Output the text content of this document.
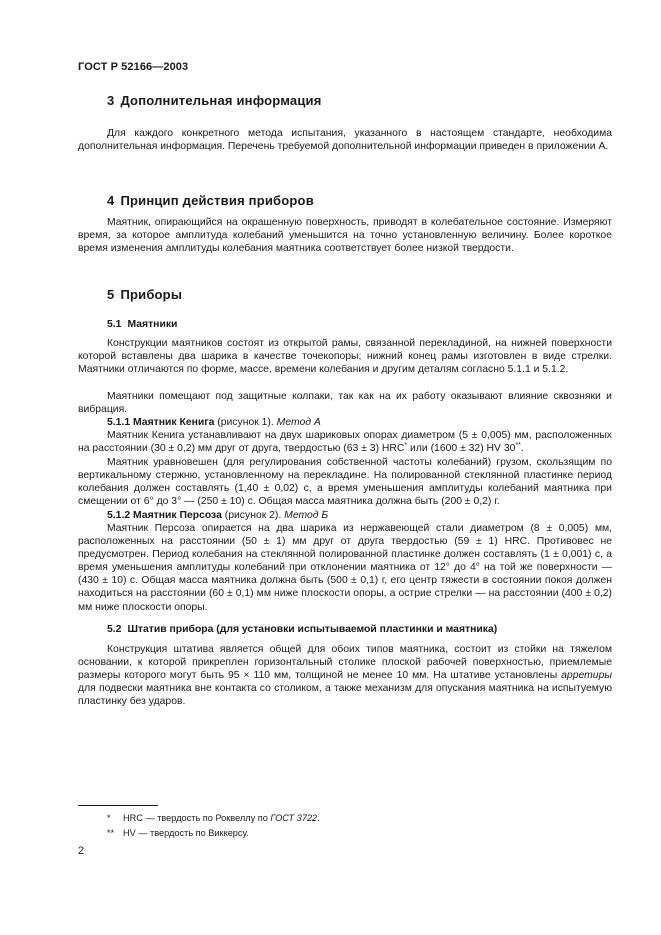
ГОСТ Р 52166—2003
3 Дополнительная информация

Для каждого конкретного метода испытания, указанного в настоящем стандарте, необходима дополнительная информация. Перечень требуемой дополнительной информации приведен в приложении А.

4 Принцип действия приборов

Маятник, опирающийся на окрашенную поверхность, приводят в колебательное состояние. Измеряют время, за которое амплитуда колебаний уменьшится на точно установленную величину. Более короткое время изменения амплитуды колебания маятника соответствует более низкой твердости.

5 Приборы
5.1 Маятники

Конструкции маятников состоят из открытой рамы, связанной перекладиной, на нижней поверхности которой вставлены два шарика в качестве точекопоры; нижний конец рамы изготовлен в виде стрелки. Маятники отличаются по форме, массе, времени колебания и другим деталям согласно 5.1.1 и 5.1.2.

Маятники помещают под защитные колпаки, так как на их работу оказывают влияние сквозняки и вибрация.

5.1.1 Маятник Кенига (рисунок 1). Метод А

Маятник Кенига устанавливают на двух шариковых опорах диаметром (5 ± 0,005) мм, расположенных на расстоянии (30 ± 0,2) мм друг от друга, твердостью (63 ± 3) HRC* или (1600 ± 32) HV 30**.

Маятник уравновешен (для регулирования собственной частоты колебаний) грузом, скользящим по вертикальному стержню, установленному на перекладине. На полированной стеклянной пластинке период колебания должен составлять (1,40 ± 0,02) с, а время уменьшения амплитуды колебаний маятника при смещении от 6° до 3° — (250 ± 10) с. Общая масса маятника должна быть (200 ± 0,2) г.

5.1.2 Маятник Персоза (рисунок 2). Метод Б

Маятник Персоза опирается на два шарика из нержавеющей стали диаметром (8 ± 0,005) мм, расположенных на расстоянии (50 ± 1) мм друг от друга твердостью (59 ± 1) HRC. Противовес не предусмотрен. Период колебания на стеклянной полированной пластинке должен составлять (1 ± 0,001) с, а время уменьшения амплитуды колебаний при отклонении маятника от 12° до 4° на той же поверхности — (430 ± 10) с. Общая масса маятника должна быть (500 ± 0,1) г, его центр тяжести в состоянии покоя должен находиться на расстоянии (60 ± 0,1) мм ниже плоскости опоры, а острие стрелки — на расстоянии (400 ± 0,2) мм ниже плоскости опоры.

5.2 Штатив прибора (для установки испытываемой пластинки и маятника)

Конструкция штатива является общей для обоих типов маятника, состоит из стойки на тяжелом основании, к которой прикреплен горизонтальный столике плоской рабочей поверхностью, приемлемые размеры которого могут быть 95 × 110 мм, толщиной не менее 10 мм. На штативе установлены арретиры для подвески маятника вне контакта со столиком, а также механизм для опускания маятника на испытуемую пластинку без ударов.

* HRC — твердость по Роквеллу по ГОСТ 3722.
** HV — твердость по Виккерсу.
2
